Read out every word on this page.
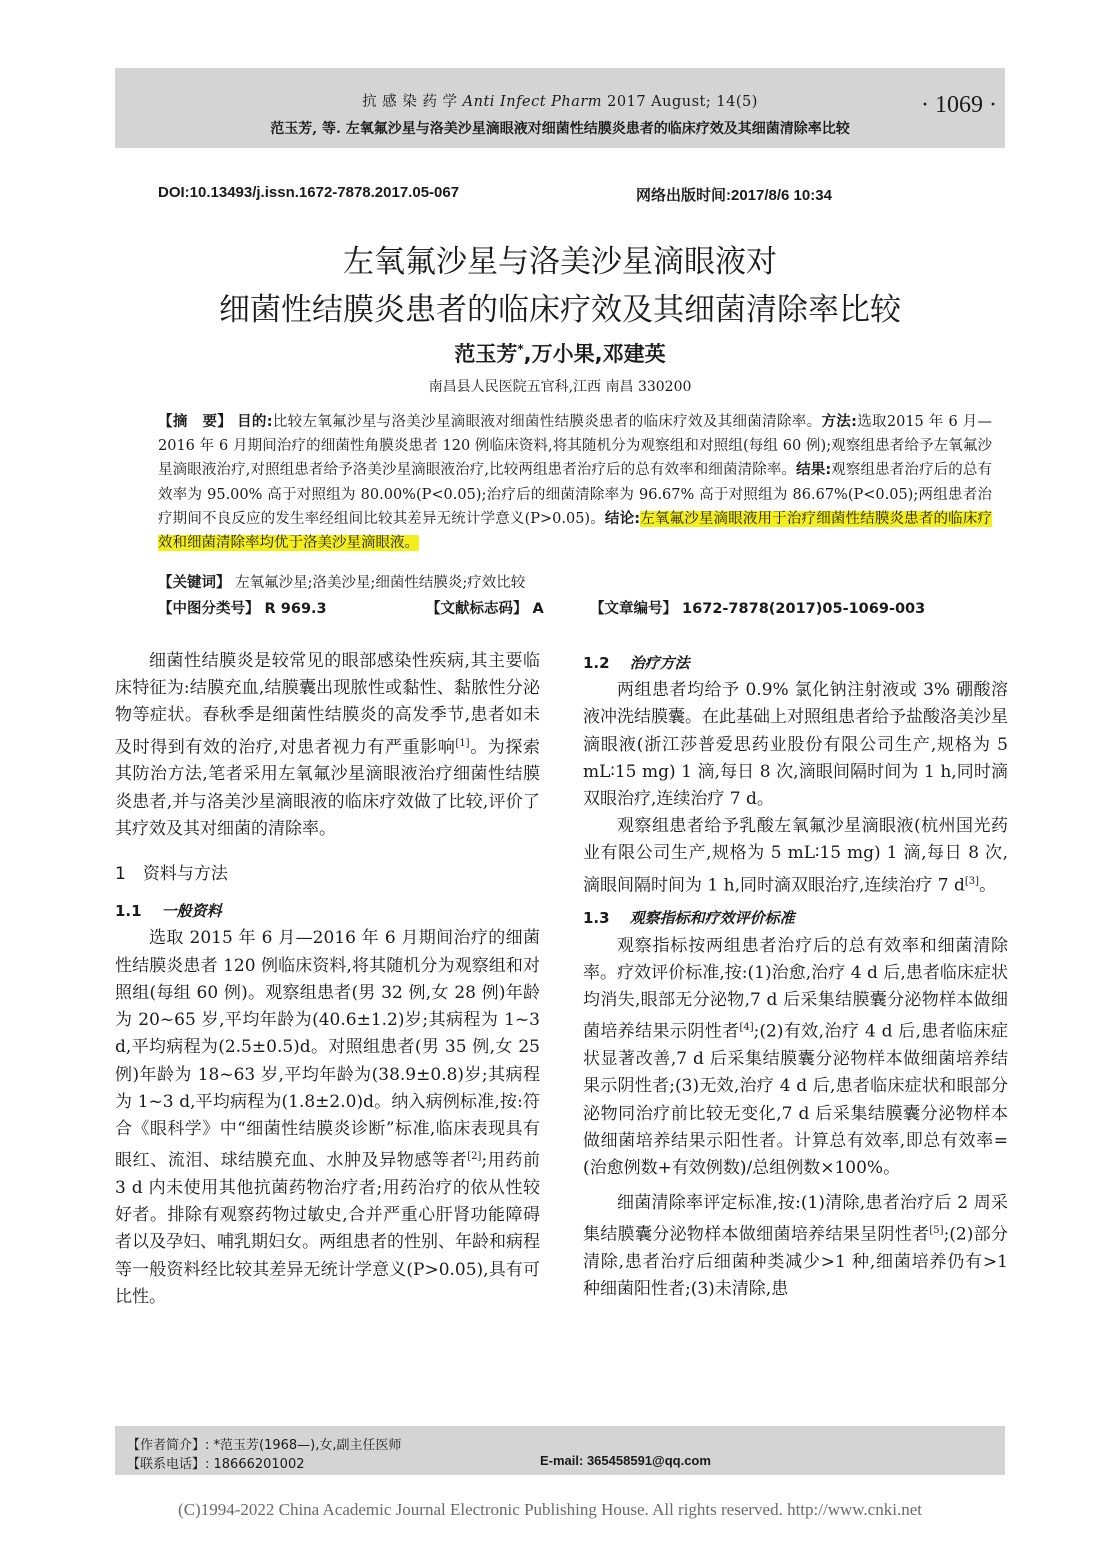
抗 感 染 药 学 Anti Infect Pharm 2017 August; 14(5)
范玉芳, 等. 左氧氟沙星与洛美沙星滴眼液对细菌性结膜炎患者的临床疗效及其细菌清除率比较
· 1069 ·
DOI:10.13493/j.issn.1672-7878.2017.05-067	网络出版时间:2017/8/6 10:34
左氧氟沙星与洛美沙星滴眼液对
细菌性结膜炎患者的临床疗效及其细菌清除率比较
范玉芳*,万小果,邓建英
南昌县人民医院五官科,江西 南昌 330200
【摘　要】 目的:比较左氧氟沙星与洛美沙星滴眼液对细菌性结膜炎患者的临床疗效及其细菌清除率。方法:选取2015 年 6 月—2016 年 6 月期间治疗的细菌性角膜炎患者 120 例临床资料,将其随机分为观察组和对照组(每组 60 例);观察组患者给予左氧氟沙星滴眼液治疗,对照组患者给予洛美沙星滴眼液治疗,比较两组患者治疗后的总有效率和细菌清除率。结果:观察组患者治疗后的总有效率为 95.00% 高于对照组为 80.00%(P<0.05);治疗后的细菌清除率为 96.67% 高于对照组为 86.67%(P<0.05);两组患者治疗期间不良反应的发生率经组间比较其差异无统计学意义(P>0.05)。结论:左氧氟沙星滴眼液用于治疗细菌性结膜炎患者的临床疗效和细菌清除率均优于洛美沙星滴眼液。
【关键词】 左氧氟沙星;洛美沙星;细菌性结膜炎;疗效比较
【中图分类号】 R 969.3	【文献标志码】 A	【文章编号】 1672-7878(2017)05-1069-003

细菌性结膜炎是较常见的眼部感染性疾病,其主要临床特征为:结膜充血,结膜囊出现脓性或黏性、黏脓性分泌物等症状。春秋季是细菌性结膜炎的高发季节,患者如未及时得到有效的治疗,对患者视力有严重影响[1]。为探索其防治方法,笔者采用左氧氟沙星滴眼液治疗细菌性结膜炎患者,并与洛美沙星滴眼液的临床疗效做了比较,评价了其疗效及其对细菌的清除率。

1　资料与方法
1.1 一般资料

选取 2015 年 6 月—2016 年 6 月期间治疗的细菌性结膜炎患者 120 例临床资料,将其随机分为观察组和对照组(每组 60 例)。观察组患者(男 32 例,女 28 例)年龄为 20~65 岁,平均年龄为(40.6±1.2)岁;其病程为 1~3 d,平均病程为(2.5±0.5)d。对照组患者(男 35 例,女 25 例)年龄为 18~63 岁,平均年龄为(38.9±0.8)岁;其病程为 1~3 d,平均病程为(1.8±2.0)d。纳入病例标准,按:符合《眼科学》中“细菌性结膜炎诊断”标准,临床表现具有眼红、流泪、球结膜充血、水肿及异物感等者[2];用药前 3 d 内未使用其他抗菌药物治疗者;用药治疗的依从性较好者。排除有观察药物过敏史,合并严重心肝肾功能障碍者以及孕妇、哺乳期妇女。两组患者的性别、年龄和病程等一般资料经比较其差异无统计学意义(P>0.05),具有可比性。

1.2 治疗方法

两组患者均给予 0.9% 氯化钠注射液或 3% 硼酸溶液冲洗结膜囊。在此基础上对照组患者给予盐酸洛美沙星滴眼液(浙江莎普爱思药业股份有限公司生产,规格为 5 mL∶15 mg) 1 滴,每日 8 次,滴眼间隔时间为 1 h,同时滴双眼治疗,连续治疗 7 d。

观察组患者给予乳酸左氧氟沙星滴眼液(杭州国光药业有限公司生产,规格为 5 mL∶15 mg) 1 滴,每日 8 次,滴眼间隔时间为 1 h,同时滴双眼治疗,连续治疗 7 d[3]。

1.3 观察指标和疗效评价标准

观察指标按两组患者治疗后的总有效率和细菌清除率。疗效评价标准,按:(1)治愈,治疗 4 d 后,患者临床症状均消失,眼部无分泌物,7 d 后采集结膜囊分泌物样本做细菌培养结果示阴性者[4];(2)有效,治疗 4 d 后,患者临床症状显著改善,7 d 后采集结膜囊分泌物样本做细菌培养结果示阴性者;(3)无效,治疗 4 d 后,患者临床症状和眼部分泌物同治疗前比较无变化,7 d 后采集结膜囊分泌物样本做细菌培养结果示阳性者。计算总有效率,即总有效率=(治愈例数+有效例数)/总组例数×100%。

细菌清除率评定标准,按:(1)清除,患者治疗后 2 周采集结膜囊分泌物样本做细菌培养结果呈阴性者[5];(2)部分清除,患者治疗后细菌种类减少>1 种,细菌培养仍有>1 种细菌阳性者;(3)未清除,患

【作者简介】: *范玉芳(1968—),女,副主任医师
【联系电话】: 18666201002	E-mail: 365458591@qq.com
(C)1994-2022 China Academic Journal Electronic Publishing House. All rights reserved. http://www.cnki.net
